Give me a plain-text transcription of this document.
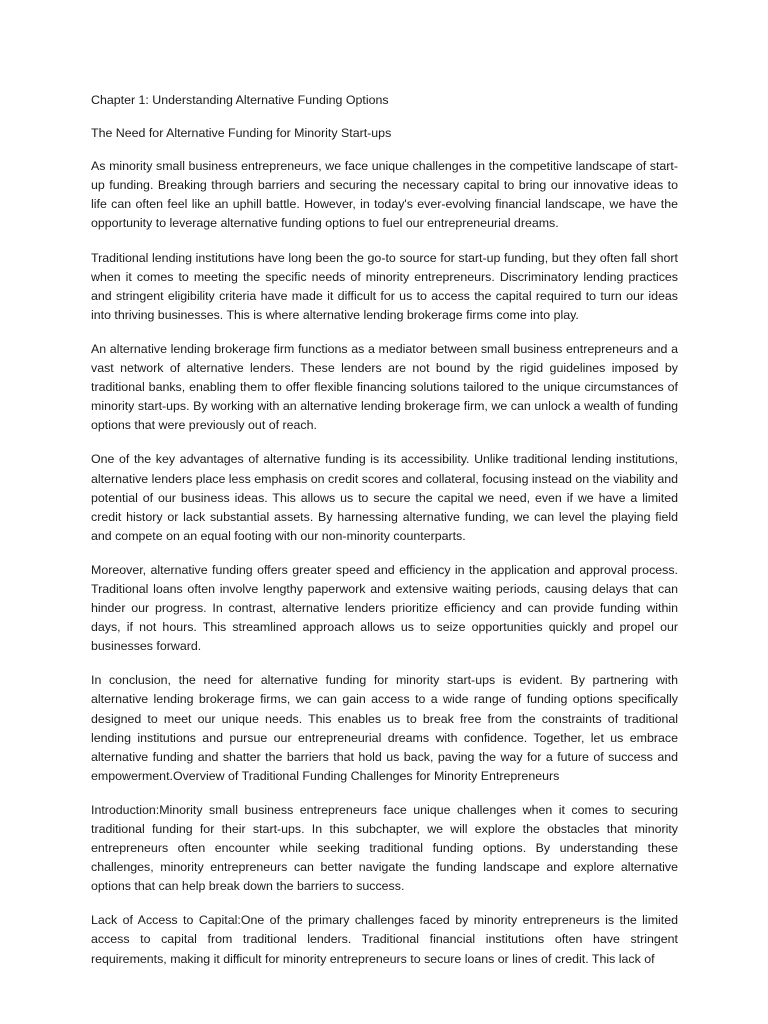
Chapter 1: Understanding Alternative Funding Options

The Need for Alternative Funding for Minority Start-ups

As minority small business entrepreneurs, we face unique challenges in the competitive landscape of start-up funding. Breaking through barriers and securing the necessary capital to bring our innovative ideas to life can often feel like an uphill battle. However, in today's ever-evolving financial landscape, we have the opportunity to leverage alternative funding options to fuel our entrepreneurial dreams.

Traditional lending institutions have long been the go-to source for start-up funding, but they often fall short when it comes to meeting the specific needs of minority entrepreneurs. Discriminatory lending practices and stringent eligibility criteria have made it difficult for us to access the capital required to turn our ideas into thriving businesses. This is where alternative lending brokerage firms come into play.

An alternative lending brokerage firm functions as a mediator between small business entrepreneurs and a vast network of alternative lenders. These lenders are not bound by the rigid guidelines imposed by traditional banks, enabling them to offer flexible financing solutions tailored to the unique circumstances of minority start-ups. By working with an alternative lending brokerage firm, we can unlock a wealth of funding options that were previously out of reach.

One of the key advantages of alternative funding is its accessibility. Unlike traditional lending institutions, alternative lenders place less emphasis on credit scores and collateral, focusing instead on the viability and potential of our business ideas. This allows us to secure the capital we need, even if we have a limited credit history or lack substantial assets. By harnessing alternative funding, we can level the playing field and compete on an equal footing with our non-minority counterparts.

Moreover, alternative funding offers greater speed and efficiency in the application and approval process. Traditional loans often involve lengthy paperwork and extensive waiting periods, causing delays that can hinder our progress. In contrast, alternative lenders prioritize efficiency and can provide funding within days, if not hours. This streamlined approach allows us to seize opportunities quickly and propel our businesses forward.

In conclusion, the need for alternative funding for minority start-ups is evident. By partnering with alternative lending brokerage firms, we can gain access to a wide range of funding options specifically designed to meet our unique needs. This enables us to break free from the constraints of traditional lending institutions and pursue our entrepreneurial dreams with confidence. Together, let us embrace alternative funding and shatter the barriers that hold us back, paving the way for a future of success and empowerment.Overview of Traditional Funding Challenges for Minority Entrepreneurs

Introduction:Minority small business entrepreneurs face unique challenges when it comes to securing traditional funding for their start-ups. In this subchapter, we will explore the obstacles that minority entrepreneurs often encounter while seeking traditional funding options. By understanding these challenges, minority entrepreneurs can better navigate the funding landscape and explore alternative options that can help break down the barriers to success.

Lack of Access to Capital:One of the primary challenges faced by minority entrepreneurs is the limited access to capital from traditional lenders. Traditional financial institutions often have stringent requirements, making it difficult for minority entrepreneurs to secure loans or lines of credit. This lack of
